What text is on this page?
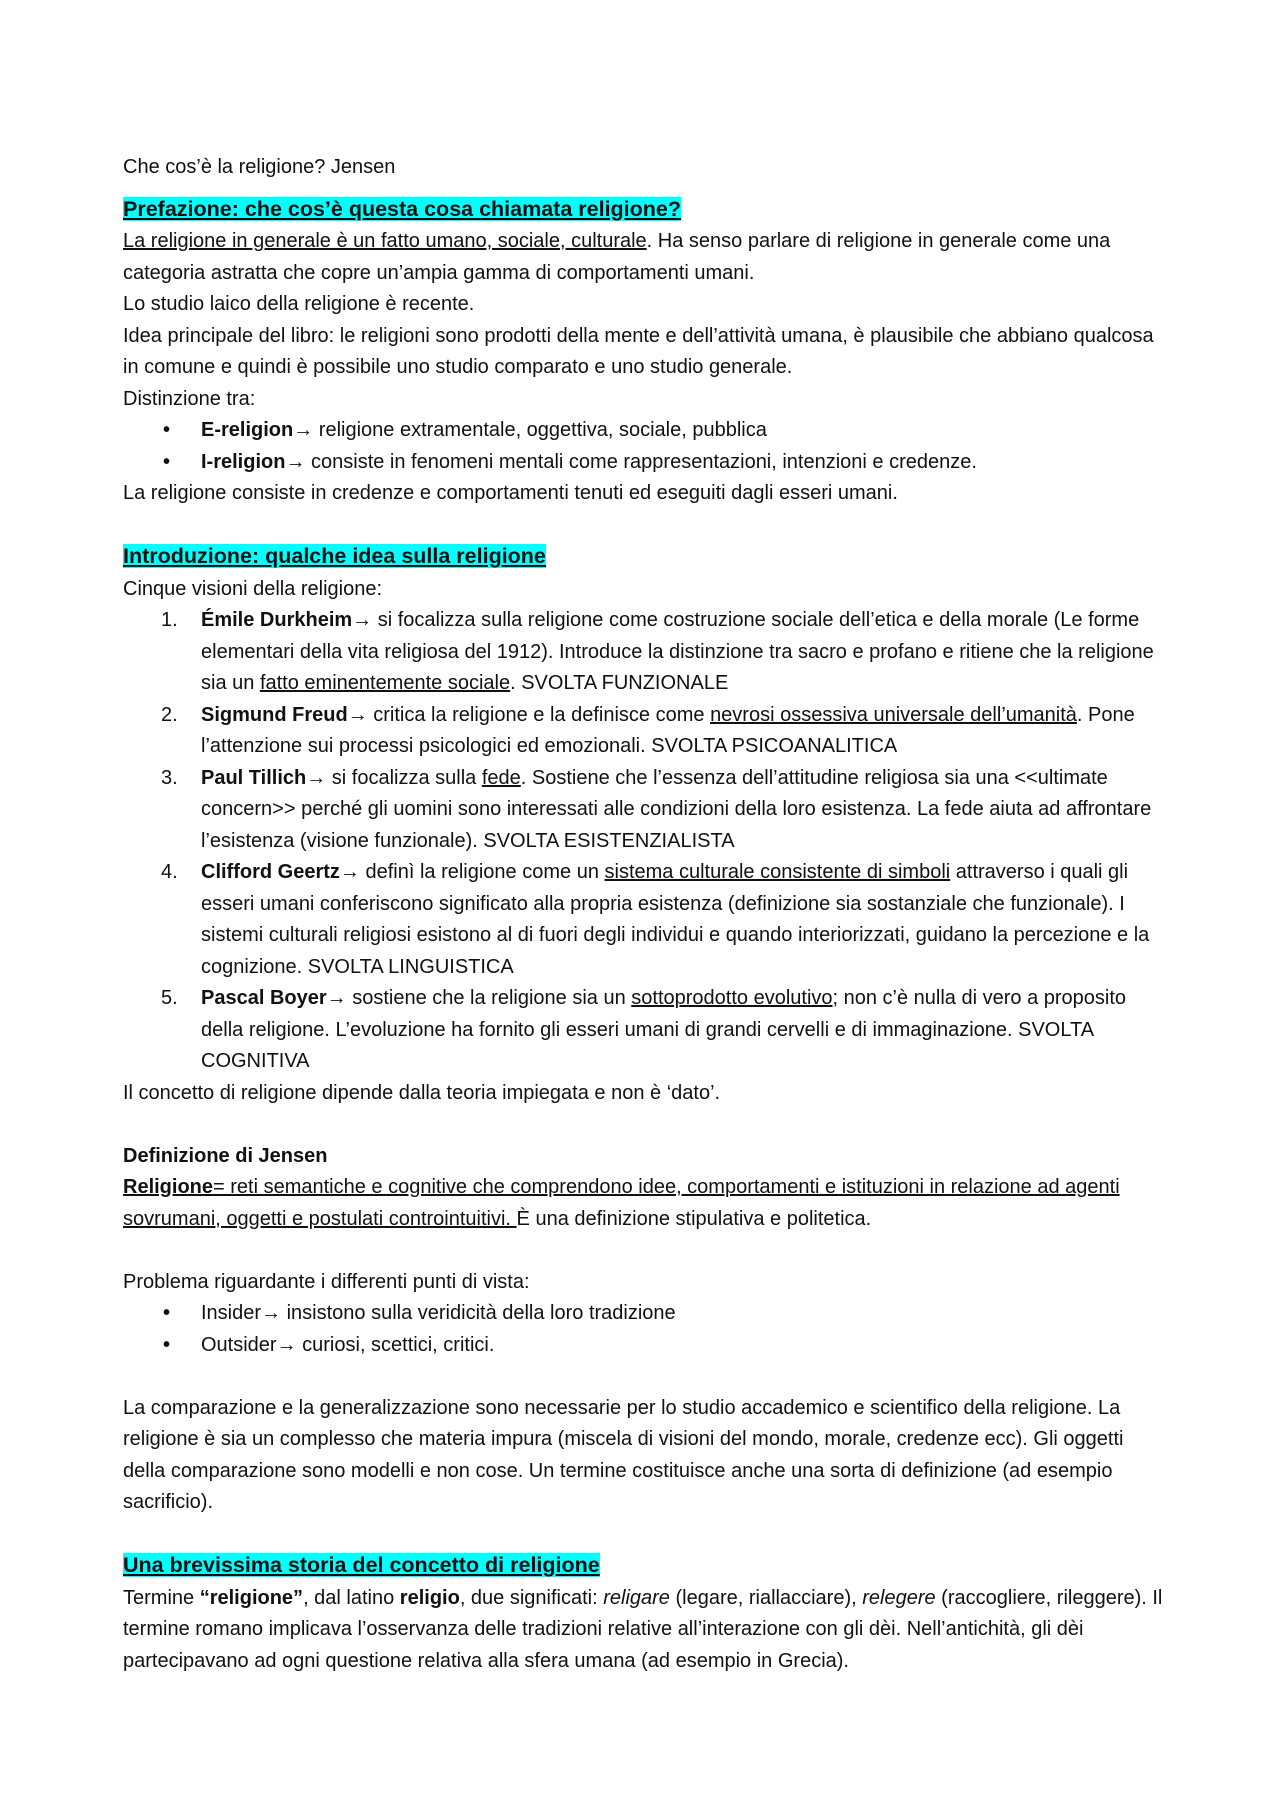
Che cos’è la religione? Jensen

Prefazione: che cos’è questa cosa chiamata religione?

La religione in generale è un fatto umano, sociale, culturale. Ha senso parlare di religione in generale come una categoria astratta che copre un’ampia gamma di comportamenti umani.

Lo studio laico della religione è recente.

Idea principale del libro: le religioni sono prodotti della mente e dell’attività umana, è plausibile che abbiano qualcosa in comune e quindi è possibile uno studio comparato e uno studio generale.

Distinzione tra:

• E-religion→ religione extramentale, oggettiva, sociale, pubblica
• I-religion→ consiste in fenomeni mentali come rappresentazioni, intenzioni e credenze.

La religione consiste in credenze e comportamenti tenuti ed eseguiti dagli esseri umani.

Introduzione: qualche idea sulla religione

Cinque visioni della religione:

1. Émile Durkheim→ si focalizza sulla religione come costruzione sociale dell’etica e della morale (Le forme elementari della vita religiosa del 1912). Introduce la distinzione tra sacro e profano e ritiene che la religione sia un fatto eminentemente sociale. SVOLTA FUNZIONALE
2. Sigmund Freud→ critica la religione e la definisce come nevrosi ossessiva universale dell’umanità. Pone l’attenzione sui processi psicologici ed emozionali. SVOLTA PSICOANALITICA
3. Paul Tillich→ si focalizza sulla fede. Sostiene che l’essenza dell’attitudine religiosa sia una <<ultimate concern>> perché gli uomini sono interessati alle condizioni della loro esistenza. La fede aiuta ad affrontare l’esistenza (visione funzionale). SVOLTA ESISTENZIALISTA
4. Clifford Geertz→ definì la religione come un sistema culturale consistente di simboli attraverso i quali gli esseri umani conferiscono significato alla propria esistenza (definizione sia sostanziale che funzionale). I sistemi culturali religiosi esistono al di fuori degli individui e quando interiorizzati, guidano la percezione e la cognizione. SVOLTA LINGUISTICA
5. Pascal Boyer→ sostiene che la religione sia un sottoprodotto evolutivo; non c’è nulla di vero a proposito della religione. L’evoluzione ha fornito gli esseri umani di grandi cervelli e di immaginazione. SVOLTA COGNITIVA

Il concetto di religione dipende dalla teoria impiegata e non è ‘dato’.

Definizione di Jensen

Religione= reti semantiche e cognitive che comprendono idee, comportamenti e istituzioni in relazione ad agenti sovrumani, oggetti e postulati controintuitivi. È una definizione stipulativa e politetica.

Problema riguardante i differenti punti di vista:

• Insider→ insistono sulla veridicità della loro tradizione
• Outsider→ curiosi, scettici, critici.

La comparazione e la generalizzazione sono necessarie per lo studio accademico e scientifico della religione. La religione è sia un complesso che materia impura (miscela di visioni del mondo, morale, credenze ecc). Gli oggetti della comparazione sono modelli e non cose. Un termine costituisce anche una sorta di definizione (ad esempio sacrificio).

Una brevissima storia del concetto di religione

Termine “religione”, dal latino religio, due significati: religare (legare, riallacciare), relegere (raccogliere, rileggere). Il termine romano implicava l’osservanza delle tradizioni relative all’interazione con gli dèi. Nell’antichità, gli dèi partecipavano ad ogni questione relativa alla sfera umana (ad esempio in Grecia).
